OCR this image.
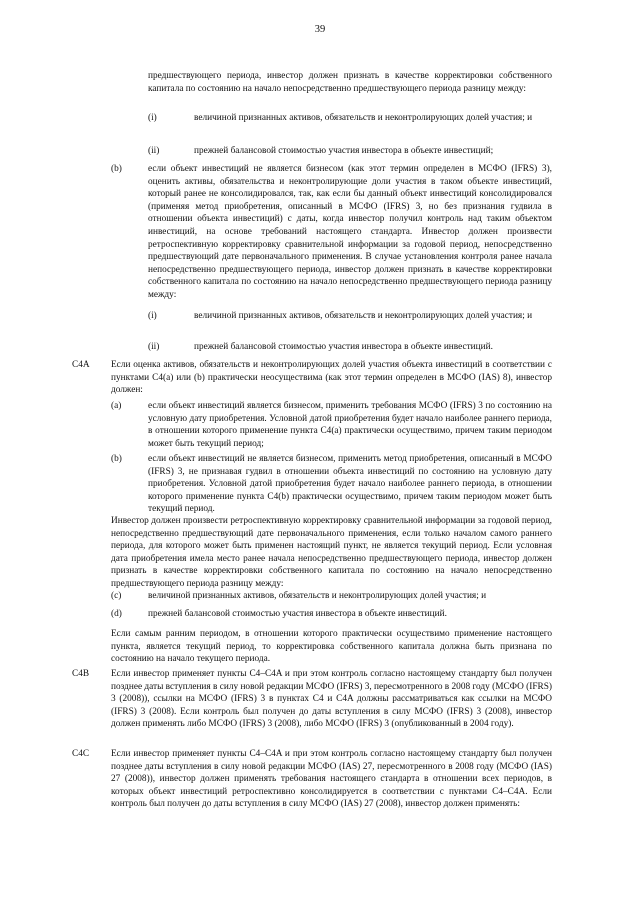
39
предшествующего периода, инвестор должен признать в качестве корректировки собственного капитала по состоянию на начало непосредственно предшествующего периода разницу между:
(i)	величиной признанных активов, обязательств и неконтролирующих долей участия; и
(ii)	прежней балансовой стоимостью участия инвестора в объекте инвестиций;
(b)	если объект инвестиций не является бизнесом (как этот термин определен в МСФО (IFRS) 3), оценить активы, обязательства и неконтролирующие доли участия в таком объекте инвестиций, который ранее не консолидировался, так, как если бы данный объект инвестиций консолидировался (применяя метод приобретения, описанный в МСФО (IFRS) 3, но без признания гудвила в отношении объекта инвестиций) с даты, когда инвестор получил контроль над таким объектом инвестиций, на основе требований настоящего стандарта. Инвестор должен произвести ретроспективную корректировку сравнительной информации за годовой период, непосредственно предшествующий дате первоначального применения. В случае установления контроля ранее начала непосредственно предшествующего периода, инвестор должен признать в качестве корректировки собственного капитала по состоянию на начало непосредственно предшествующего периода разницу между:
(i)	величиной признанных активов, обязательств и неконтролирующих долей участия; и
(ii)	прежней балансовой стоимостью участия инвестора в объекте инвестиций.
C4A Если оценка активов, обязательств и неконтролирующих долей участия объекта инвестиций в соответствии с пунктами C4(a) или (b) практически неосуществима (как этот термин определен в МСФО (IAS) 8), инвестор должен:
(a)	если объект инвестиций является бизнесом, применить требования МСФО (IFRS) 3 по состоянию на условную дату приобретения. Условной датой приобретения будет начало наиболее раннего периода, в отношении которого применение пункта C4(a) практически осуществимо, причем таким периодом может быть текущий период;
(b)	если объект инвестиций не является бизнесом, применить метод приобретения, описанный в МСФО (IFRS) 3, не признавая гудвил в отношении объекта инвестиций по состоянию на условную дату приобретения. Условной датой приобретения будет начало наиболее раннего периода, в отношении которого применение пункта C4(b) практически осуществимо, причем таким периодом может быть текущий период.
Инвестор должен произвести ретроспективную корректировку сравнительной информации за годовой период, непосредственно предшествующий дате первоначального применения, если только началом самого раннего периода, для которого может быть применен настоящий пункт, не является текущий период. Если условная дата приобретения имела место ранее начала непосредственно предшествующего периода, инвестор должен признать в качестве корректировки собственного капитала по состоянию на начало непосредственно предшествующего периода разницу между:
(c)	величиной признанных активов, обязательств и неконтролирующих долей участия; и
(d)	прежней балансовой стоимостью участия инвестора в объекте инвестиций.
Если самым ранним периодом, в отношении которого практически осуществимо применение настоящего пункта, является текущий период, то корректировка собственного капитала должна быть признана по состоянию на начало текущего периода.
C4B Если инвестор применяет пункты C4–C4A и при этом контроль согласно настоящему стандарту был получен позднее даты вступления в силу новой редакции МСФО (IFRS) 3, пересмотренного в 2008 году (МСФО (IFRS) 3 (2008)), ссылки на МСФО (IFRS) 3 в пунктах C4 и C4A должны рассматриваться как ссылки на МСФО (IFRS) 3 (2008). Если контроль был получен до даты вступления в силу МСФО (IFRS) 3 (2008), инвестор должен применять либо МСФО (IFRS) 3 (2008), либо МСФО (IFRS) 3 (опубликованный в 2004 году).
C4C Если инвестор применяет пункты C4–C4A и при этом контроль согласно настоящему стандарту был получен позднее даты вступления в силу новой редакции МСФО (IAS) 27, пересмотренного в 2008 году (МСФО (IAS) 27 (2008)), инвестор должен применять требования настоящего стандарта в отношении всех периодов, в которых объект инвестиций ретроспективно консолидируется в соответствии с пунктами C4–C4A. Если контроль был получен до даты вступления в силу МСФО (IAS) 27 (2008), инвестор должен применять:
